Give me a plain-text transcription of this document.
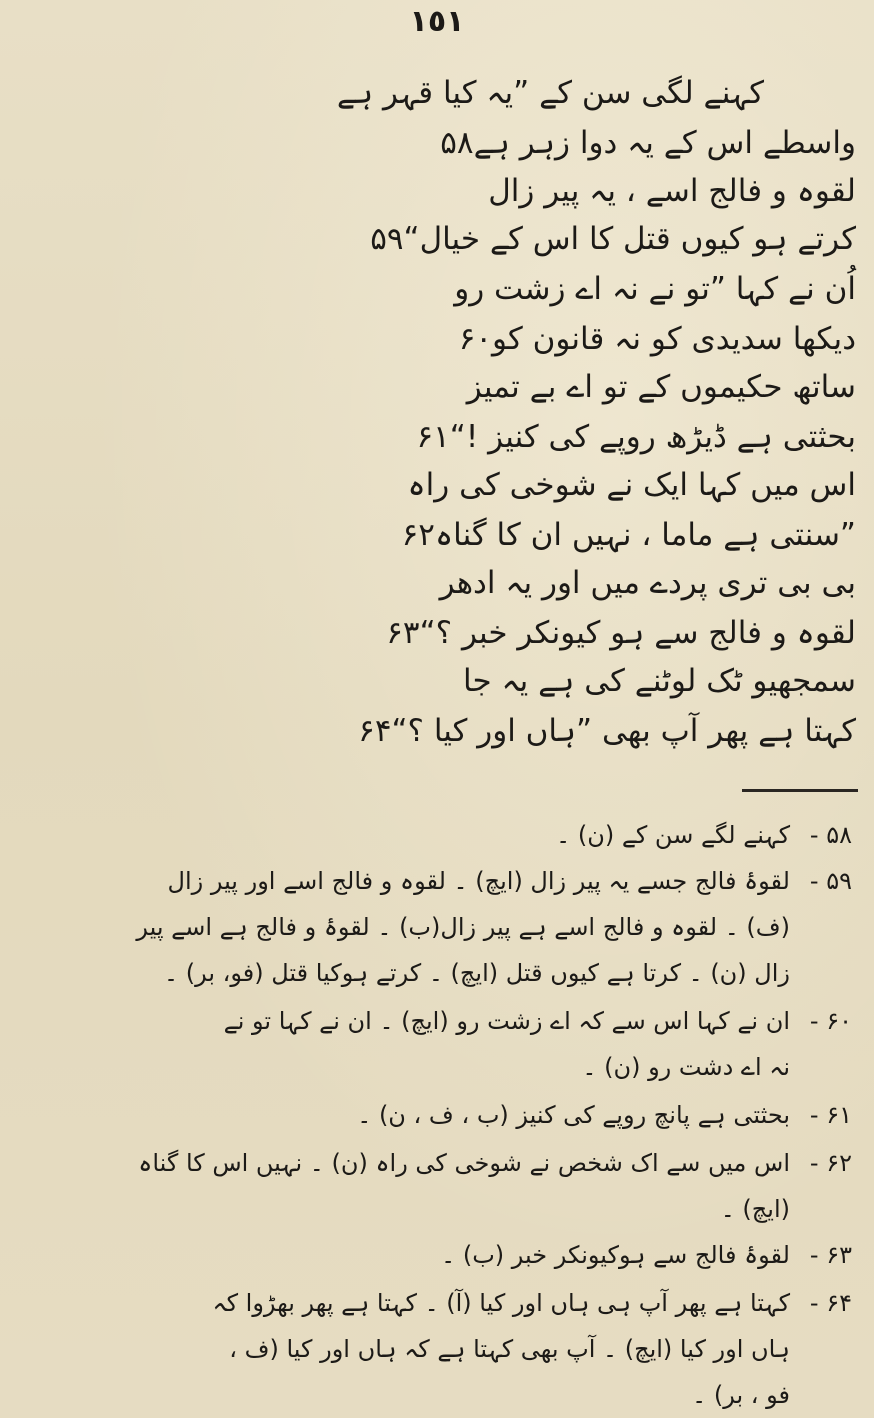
١٥١
کہنے لگی سن کے ”یہ کیا قہر ہے
واسطے اس کے یہ دوا زہر ہے۵۸
لقوہ و فالج اسے ، یہ پیر زال
کرتے ہو کیوں قتل کا اس کے خیال“۵۹
اُن نے کہا ”تو نے نہ اے زشت رو
دیکھا سدیدی کو نہ قانون کو۶۰
ساتھ حکیموں کے تو اے بے تمیز
بحثتی ہے ڈیڑھ روپے کی کنیز !“۶۱
اس میں کہا ایک نے شوخی کی راہ
”سنتی ہے ماما ، نہیں ان کا گناہ۶۲
بی بی تری پردے میں اور یہ ادھر
لقوہ و فالج سے ہو کیونکر خبر ؟“۶۳
سمجھیو ٹک لوٹنے کی ہے یہ جا
کہتا ہے پھر آپ بھی ”ہاں اور کیا ؟“۶۴
۵۸ -کہنے لگے سن کے (ن) ۔
۵۹ -لقوۂ فالج جسے یہ پیر زال (ایچ) ۔ لقوہ و فالج اسے اور پیر زال
(ف) ۔ لقوہ و فالج اسے ہے پیر زال(ب) ۔ لقوۂ و فالج ہے اسے پیر
زال (ن) ۔ کرتا ہے کیوں قتل (ایچ) ۔ کرتے ہوکیا قتل (فو، بر) ۔
۶۰ -ان نے کہا اس سے کہ اے زشت رو (ایچ) ۔ ان نے کہا تو نے
نہ اے دشت رو (ن) ۔
۶۱ -بحثتی ہے پانچ روپے کی کنیز (ب ، ف ، ن) ۔
۶۲ -اس میں سے اک شخص نے شوخی کی راہ (ن) ۔ نہیں اس کا گناہ
(ایچ) ۔
۶۳ -لقوۂ فالج سے ہوکیونکر خبر (ب) ۔
۶۴ -کہتا ہے پھر آپ ہی ہاں اور کیا (آ) ۔ کہتا ہے پھر بھڑوا کہ
ہاں اور کیا (ایچ) ۔ آپ بھی کہتا ہے کہ ہاں اور کیا (ف ،
فو ، بر) ۔
